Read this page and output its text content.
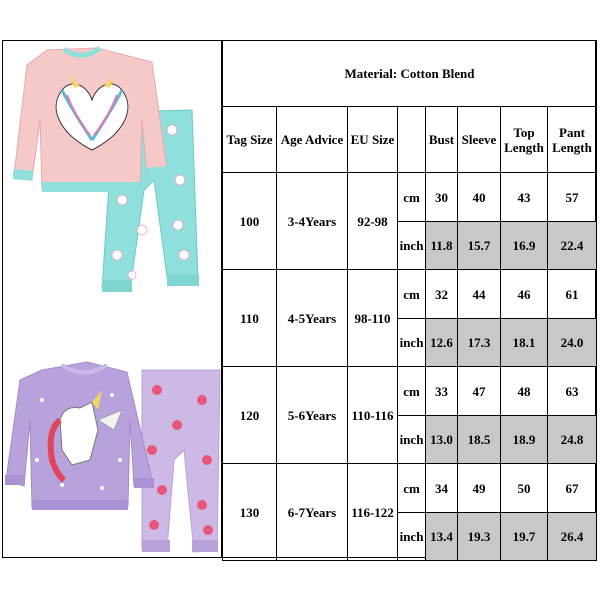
Material: Cotton Blend							
Tag Size	Age Advice	EU Size		Bust	Sleeve	Top Length	Pant Length
100	3-4Years	92-98	cm	30	40	43	57
			inch	11.8	15.7	16.9	22.4
110	4-5Years	98-110	cm	32	44	46	61
			inch	12.6	17.3	18.1	24.0
120	5-6Years	110-116	cm	33	47	48	63
			inch	13.0	18.5	18.9	24.8
130	6-7Years	116-122	cm	34	49	50	67
			inch	13.4	19.3	19.7	26.4
